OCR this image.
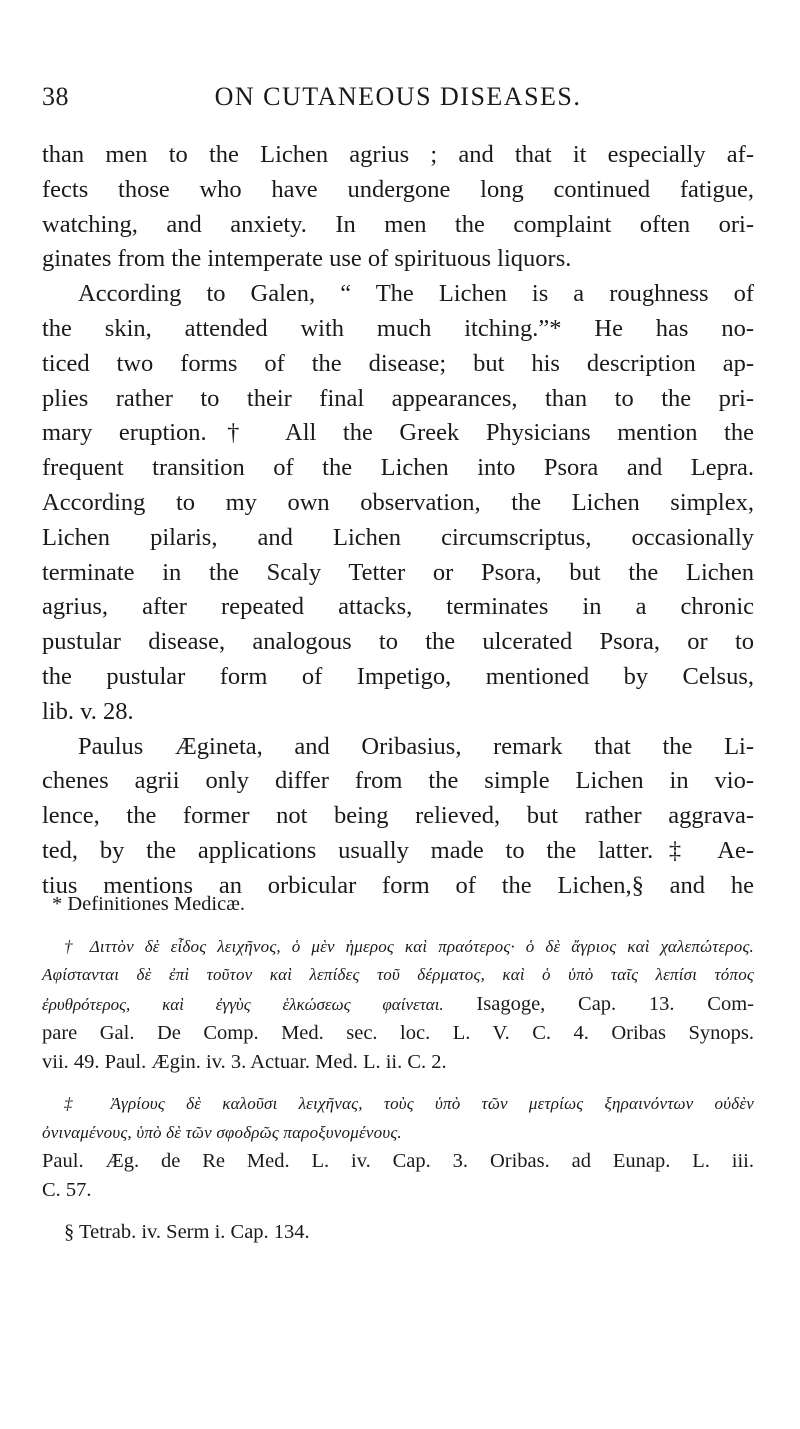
38	ON CUTANEOUS DISEASES.
than men to the Lichen agrius ; and that it especially af-
fects those who have undergone long continued fatigue,
watching, and anxiety. In men the complaint often ori-
ginates from the intemperate use of spirituous liquors.
According to Galen, “ The Lichen is a roughness of
the skin, attended with much itching.”* He has no-
ticed two forms of the disease; but his description ap-
plies rather to their final appearances, than to the pri-
mary eruption.† All the Greek Physicians mention the
frequent transition of the Lichen into Psora and Lepra.
According to my own observation, the Lichen simplex,
Lichen pilaris, and Lichen circumscriptus, occasionally
terminate in the Scaly Tetter or Psora, but the Lichen
agrius, after repeated attacks, terminates in a chronic
pustular disease, analogous to the ulcerated Psora, or to
the pustular form of Impetigo, mentioned by Celsus,
lib. v. 28.
Paulus Ægineta, and Oribasius, remark that the Li-
chenes agrii only differ from the simple Lichen in vio-
lence, the former not being relieved, but rather aggrava-
ted, by the applications usually made to the latter.‡ Ae-
tius mentions an orbicular form of the Lichen,§ and he
* Definitiones Medicæ.
† Διττὸν δὲ εἶδος λειχῆνος, ὁ μὲν ἡμερος καὶ πραότερος· ὁ δὲ ἄγριος καὶ χαλεπώτερος.
Αφίστανται δὲ ἐπὶ τοῦτον καὶ λεπίδες τοῦ δέρματος, καὶ ὁ ὑπὸ ταῖς λεπίσι τόπος
ἐρυθρότερος, καὶ ἐγγὺς ἑλκώσεως φαίνεται. Isagoge, Cap. 13. Com-
pare Gal. De Comp. Med. sec. loc. L. V. C. 4. Oribas Synops.
vii. 49. Paul. Ægin. iv. 3. Actuar. Med. L. ii. C. 2.
‡ Ἀγρίους δὲ καλοῦσι λειχῆνας, τοὺς ὑπὸ τῶν μετρίως ξηραινόντων οὐδὲν
ὀνιναμένους, ὑπὸ δὲ τῶν σφοδρῶς παροξυνομένους.
Paul. Æg. de Re Med. L. iv. Cap. 3. Oribas. ad Eunap. L. iii.
C. 57.
§ Tetrab. iv. Serm i. Cap. 134.
